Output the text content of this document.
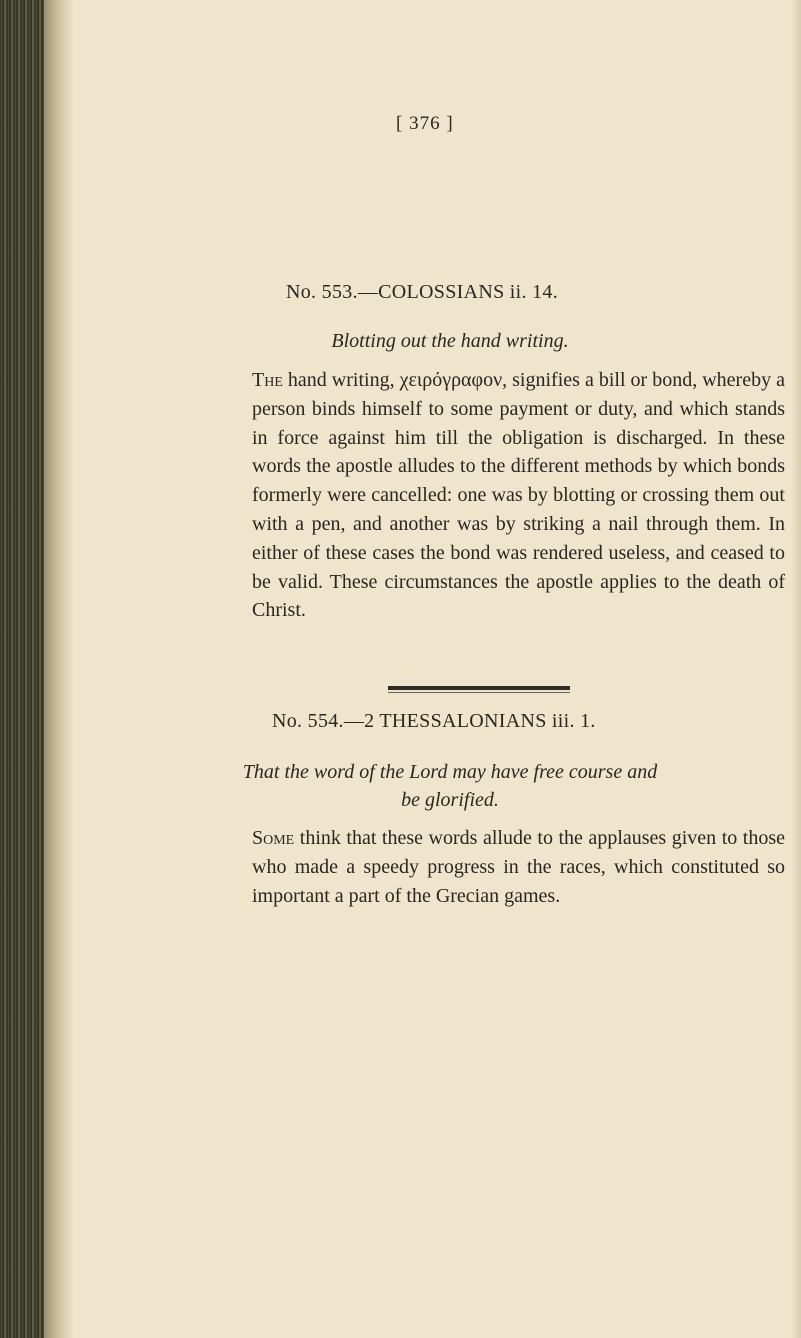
[ 376 ]
No. 553.—COLOSSIANS ii. 14.
Blotting out the hand writing.

The hand writing, χειρόγραφον, signifies a bill or bond, whereby a person binds himself to some payment or duty, and which stands in force against him till the obligation is discharged. In these words the apostle alludes to the different methods by which bonds formerly were cancelled: one was by blotting or crossing them out with a pen, and another was by striking a nail through them. In either of these cases the bond was rendered useless, and ceased to be valid. These circumstances the apostle applies to the death of Christ.

No. 554.—2 THESSALONIANS iii. 1.
That the word of the Lord may have free course and be glorified.

Some think that these words allude to the applauses given to those who made a speedy progress in the races, which constituted so important a part of the Grecian games.
